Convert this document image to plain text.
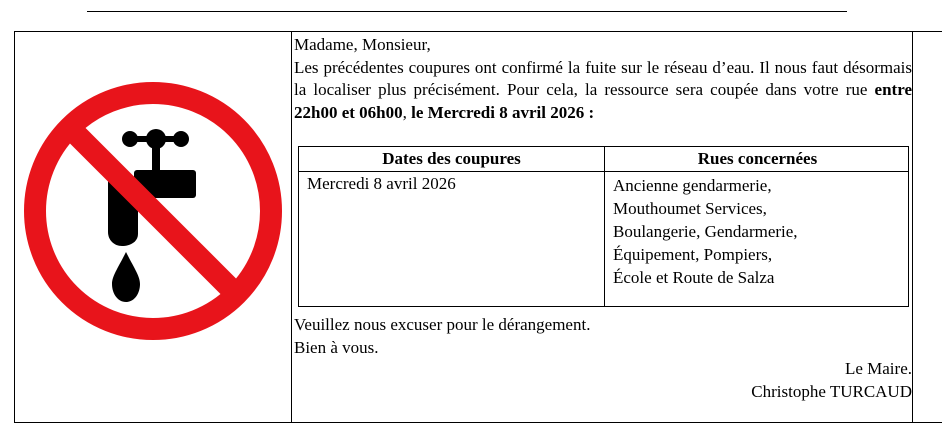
Madame, Monsieur,

Les précédentes coupures ont confirmé la fuite sur le réseau d’eau. Il nous faut désormais la localiser plus précisément. Pour cela, la ressource sera coupée dans votre rue entre 22h00 et 06h00, le Mercredi 8 avril 2026 :

Dates des coupures	Rues concernées
Mercredi 8 avril 2026	Ancienne gendarmerie,
Mouthoumet Services,
Boulangerie, Gendarmerie,
Équipement, Pompiers,
École et Route de Salza
Veuillez nous excuser pour le dérangement.
Bien à vous.
Le Maire.
Christophe TURCAUD
